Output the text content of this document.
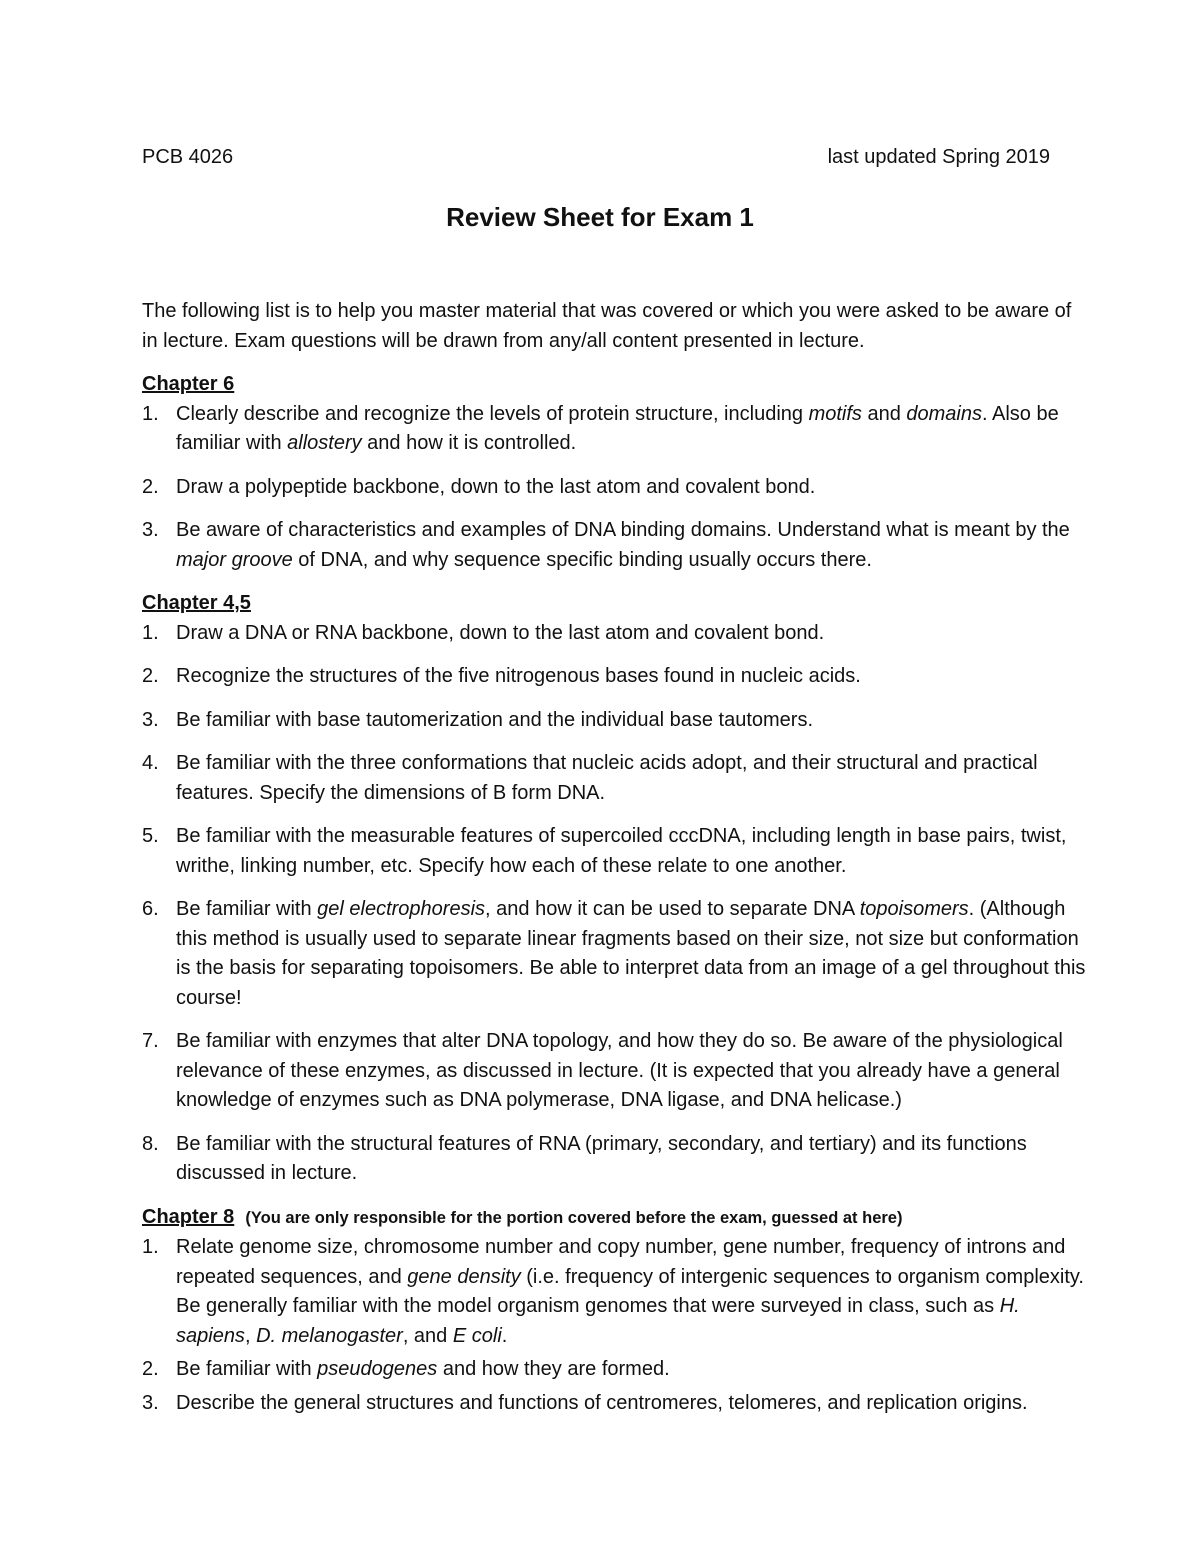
PCB 4026	last updated Spring 2019
Review Sheet for Exam 1

The following list is to help you master material that was covered or which you were asked to be aware of in lecture. Exam questions will be drawn from any/all content presented in lecture.

Chapter 6
1. Clearly describe and recognize the levels of protein structure, including motifs and domains. Also be familiar with allostery and how it is controlled.
2. Draw a polypeptide backbone, down to the last atom and covalent bond.
3. Be aware of characteristics and examples of DNA binding domains. Understand what is meant by the major groove of DNA, and why sequence specific binding usually occurs there.
Chapter 4,5
1. Draw a DNA or RNA backbone, down to the last atom and covalent bond.
2. Recognize the structures of the five nitrogenous bases found in nucleic acids.
3. Be familiar with base tautomerization and the individual base tautomers.
4. Be familiar with the three conformations that nucleic acids adopt, and their structural and practical features. Specify the dimensions of B form DNA.
5. Be familiar with the measurable features of supercoiled cccDNA, including length in base pairs, twist, writhe, linking number, etc. Specify how each of these relate to one another.
6. Be familiar with gel electrophoresis, and how it can be used to separate DNA topoisomers. (Although this method is usually used to separate linear fragments based on their size, not size but conformation is the basis for separating topoisomers. Be able to interpret data from an image of a gel throughout this course!
7. Be familiar with enzymes that alter DNA topology, and how they do so. Be aware of the physiological relevance of these enzymes, as discussed in lecture. (It is expected that you already have a general knowledge of enzymes such as DNA polymerase, DNA ligase, and DNA helicase.)
8. Be familiar with the structural features of RNA (primary, secondary, and tertiary) and its functions discussed in lecture.
Chapter 8 (You are only responsible for the portion covered before the exam, guessed at here)
1. Relate genome size, chromosome number and copy number, gene number, frequency of introns and repeated sequences, and gene density (i.e. frequency of intergenic sequences to organism complexity. Be generally familiar with the model organism genomes that were surveyed in class, such as H. sapiens, D. melanogaster, and E coli.
2. Be familiar with pseudogenes and how they are formed.
3. Describe the general structures and functions of centromeres, telomeres, and replication origins.
